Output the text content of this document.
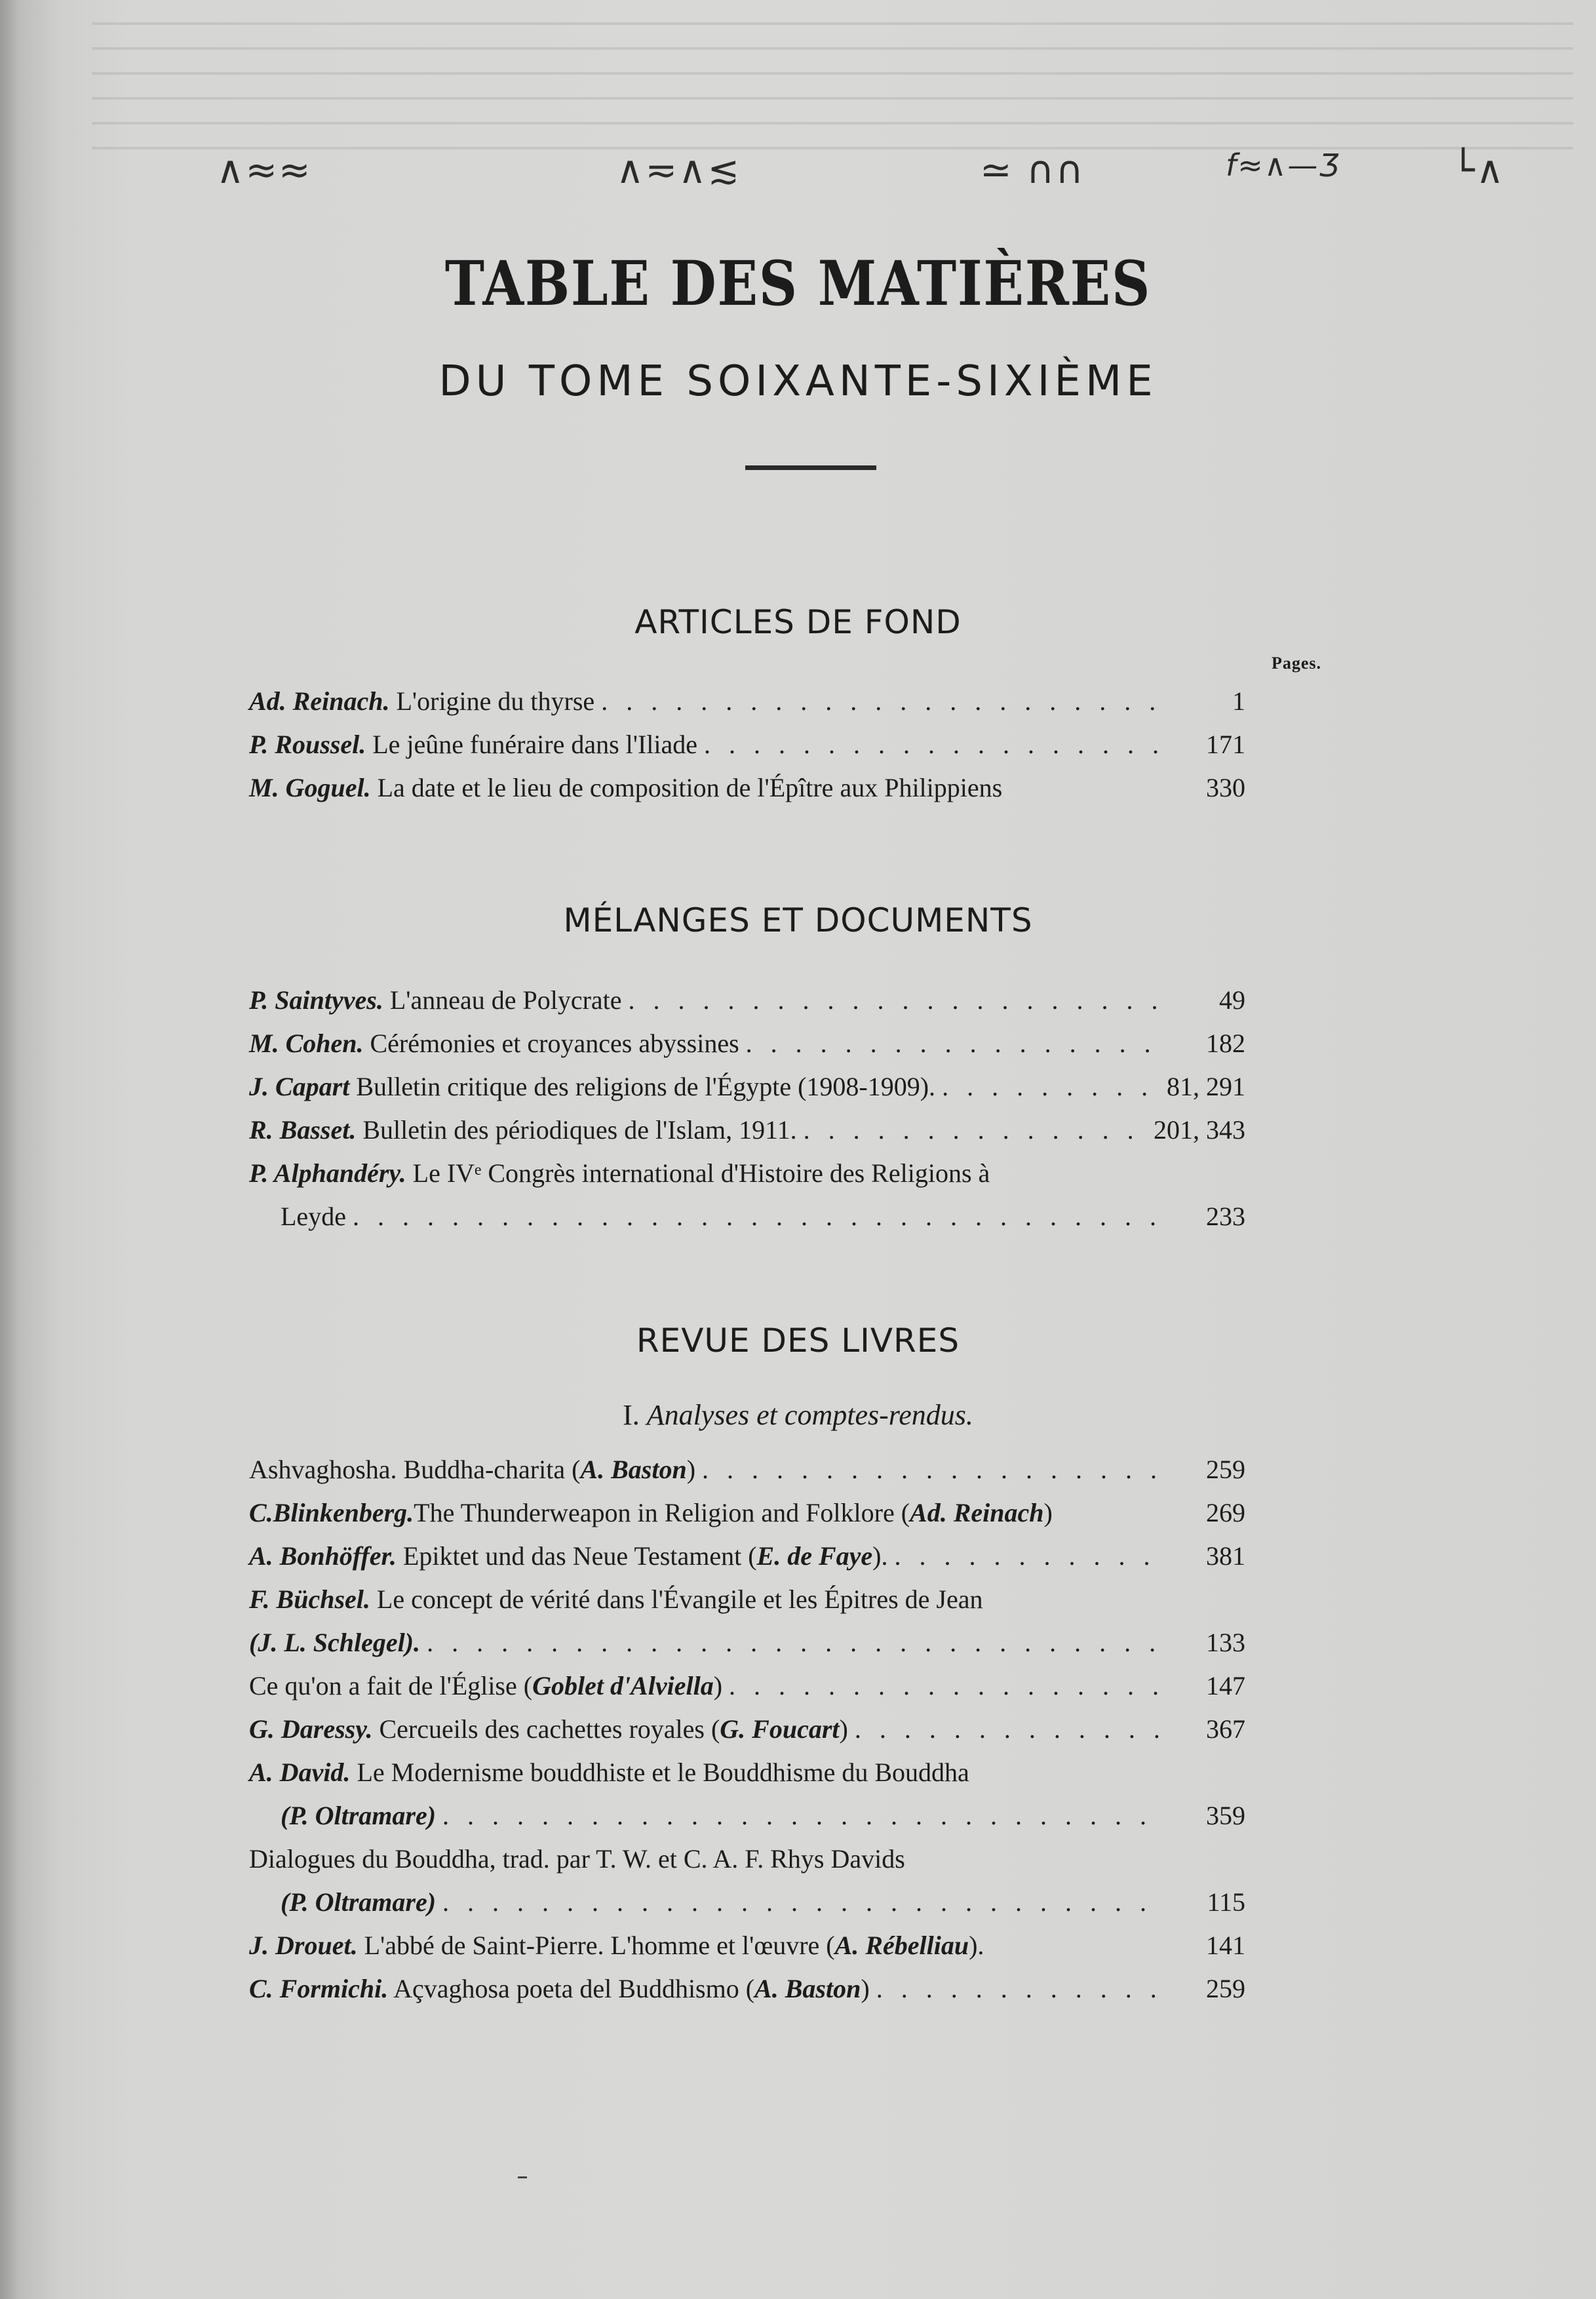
∧≈≈	∧≂∧≲	≃ ∩∩	f≈∧—Ʒ	└∧
TABLE DES MATIÈRES
DU TOME SOIXANTE-SIXIÈME
ARTICLES DE FOND
Pages.
Ad. Reinach. L'origine du thyrse . . .	1
P. Roussel. Le jeûne funéraire dans l'Iliade . . .	171
M. Goguel. La date et le lieu de composition de l'Épître aux Philippiens	330
MÉLANGES ET DOCUMENTS
P. Saintyves. L'anneau de Polycrate . . .	49
M. Cohen. Cérémonies et croyances abyssines . . .	182
J. Capart Bulletin critique des religions de l'Égypte (1908-1909). . . .	81, 291
R. Basset. Bulletin des périodiques de l'Islam, 1911. . . .	201, 343
P. Alphandéry. Le IVᵉ Congrès international d'Histoire des Religions à
Leyde . . .	233
REVUE DES LIVRES
I. Analyses et comptes-rendus.
Ashvaghosha. Buddha-charita (A. Baston) . . .	259
C.Blinkenberg.The Thunderweapon in Religion and Folklore (Ad. Reinach)	269
A. Bonhöffer. Epiktet und das Neue Testament (E. de Faye). . . .	381
F. Büchsel. Le concept de vérité dans l'Évangile et les Épitres de Jean
(J. L. Schlegel). . . .	133
Ce qu'on a fait de l'Église (Goblet d'Alviella) . . .	147
G. Daressy. Cercueils des cachettes royales (G. Foucart) . . .	367
A. David. Le Modernisme bouddhiste et le Bouddhisme du Bouddha
(P. Oltramare) . . .	359
Dialogues du Bouddha, trad. par T. W. et C. A. F. Rhys Davids
(P. Oltramare) . . .	115
J. Drouet. L'abbé de Saint-Pierre. L'homme et l'œuvre (A. Rébelliau).	141
C. Formichi. Açvaghosa poeta del Buddhismo (A. Baston) . . .	259
